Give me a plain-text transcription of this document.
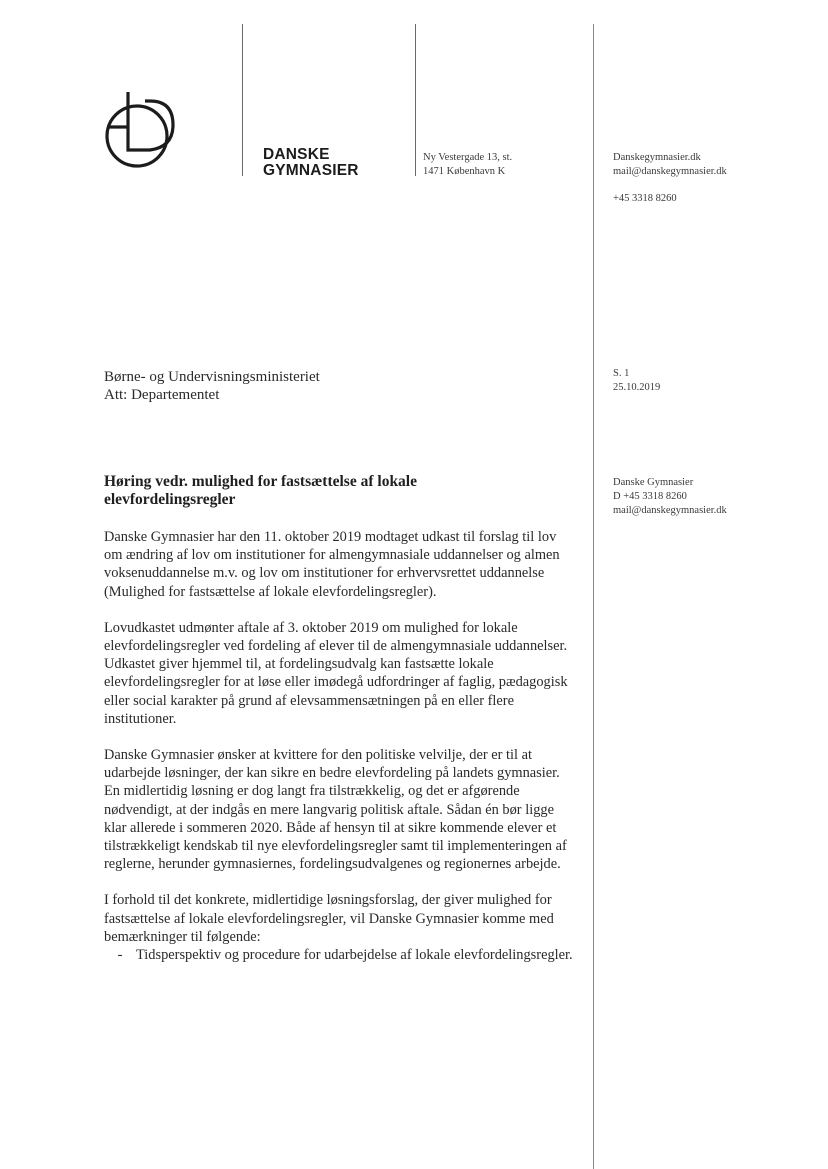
DANSKE
GYMNASIER
Ny Vestergade 13, st.
1471 København K
Danskegymnasier.dk
mail@danskegymnasier.dk
+45 3318 8260
Børne- og Undervisningsministeriet
Att: Departementet
S. 1
25.10.2019
Danske Gymnasier
D +45 3318 8260
mail@danskegymnasier.dk
Høring vedr. mulighed for fastsættelse af lokale elevfordelingsregler

Danske Gymnasier har den 11. oktober 2019 modtaget udkast til forslag til lov om ændring af lov om institutioner for almengymnasiale uddannelser og almen voksenuddannelse m.v. og lov om institutioner for erhvervsrettet uddannelse (Mulighed for fastsættelse af lokale elevfordelingsregler).

Lovudkastet udmønter aftale af 3. oktober 2019 om mulighed for lokale elevfordelingsregler ved fordeling af elever til de almengymnasiale uddannelser. Udkastet giver hjemmel til, at fordelingsudvalg kan fastsætte lokale elevfordelingsregler for at løse eller imødegå udfordringer af faglig, pædagogisk eller social karakter på grund af elevsammensætningen på en eller flere institutioner.

Danske Gymnasier ønsker at kvittere for den politiske velvilje, der er til at udarbejde løsninger, der kan sikre en bedre elevfordeling på landets gymnasier. En midlertidig løsning er dog langt fra tilstrækkelig, og det er afgørende nødvendigt, at der indgås en mere langvarig politisk aftale. Sådan én bør ligge klar allerede i sommeren 2020. Både af hensyn til at sikre kommende elever et tilstrækkeligt kendskab til nye elevfordelingsregler samt til implementeringen af reglerne, herunder gymnasiernes, fordelingsudvalgenes og regionernes arbejde.

I forhold til det konkrete, midlertidige løsningsforslag, der giver mulighed for fastsættelse af lokale elevfordelingsregler, vil Danske Gymnasier komme med bemærkninger til følgende:

- Tidsperspektiv og procedure for udarbejdelse af lokale elevfordelingsregler.
